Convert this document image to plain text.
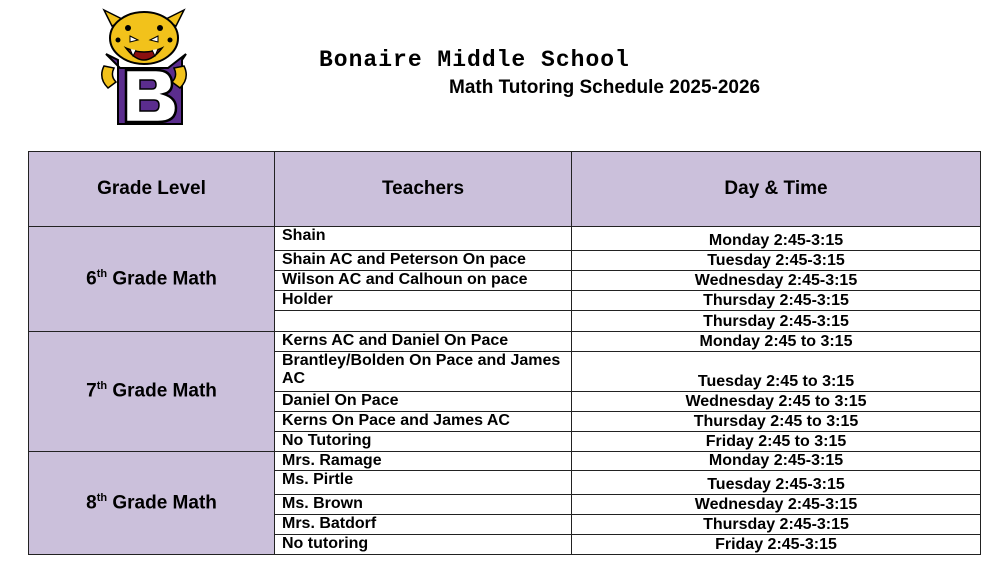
Bonaire Middle School
Math Tutoring Schedule 2025-2026
Grade Level	Teachers	Day & Time
6th Grade Math	Shain	Monday 2:45-3:15
	Shain AC and Peterson On pace	Tuesday 2:45-3:15
	Wilson AC and Calhoun on pace	Wednesday 2:45-3:15
	Holder	Thursday 2:45-3:15
		Thursday 2:45-3:15
7th Grade Math	Kerns AC and Daniel On Pace	Monday 2:45 to 3:15
	Brantley/Bolden On Pace and James AC	Tuesday 2:45 to 3:15
	Daniel On Pace	Wednesday 2:45 to 3:15
	Kerns On Pace and James AC	Thursday 2:45 to 3:15
	No Tutoring	Friday 2:45 to 3:15
8th Grade Math	Mrs. Ramage	Monday 2:45-3:15
	Ms. Pirtle	Tuesday 2:45-3:15
	Ms. Brown	Wednesday 2:45-3:15
	Mrs. Batdorf	Thursday 2:45-3:15
	No tutoring	Friday 2:45-3:15
